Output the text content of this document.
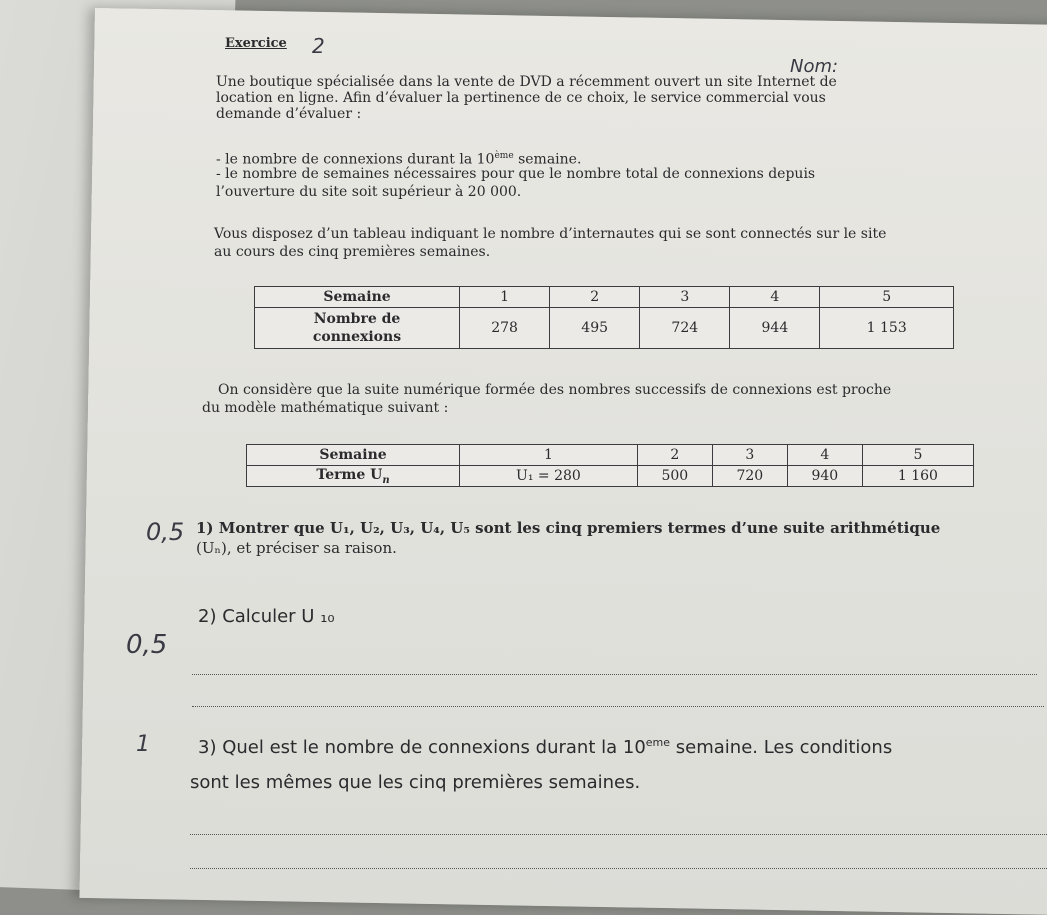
Exercice 2
Nom:
Une boutique spécialisée dans la vente de DVD a récemment ouvert un site Internet de
location en ligne. Afin d’évaluer la pertinence de ce choix, le service commercial vous
demande d’évaluer :
- le nombre de connexions durant la 10ème semaine.
- le nombre de semaines nécessaires pour que le nombre total de connexions depuis
l’ouverture du site soit supérieur à 20 000.
Vous disposez d’un tableau indiquant le nombre d’internautes qui se sont connectés sur le site
au cours des cinq premières semaines.
Semaine	1	2	3	4	5
Nombre de
connexions	278	495	724	944	1 153
On considère que la suite numérique formée des nombres successifs de connexions est proche
du modèle mathématique suivant :
Semaine	1	2	3	4	5
Terme $U_n$	U₁ = 280	500	720	940	1 160
0,5 1) Montrer que U₁, U₂, U₃, U₄, U₅ sont les cinq premiers termes d’une suite arithmétique
(Uₙ), et préciser sa raison.
0,5
2) Calculer U ₁₀
1	3) Quel est le nombre de connexions durant la 10eme semaine. Les conditions
sont les mêmes que les cinq premières semaines.
